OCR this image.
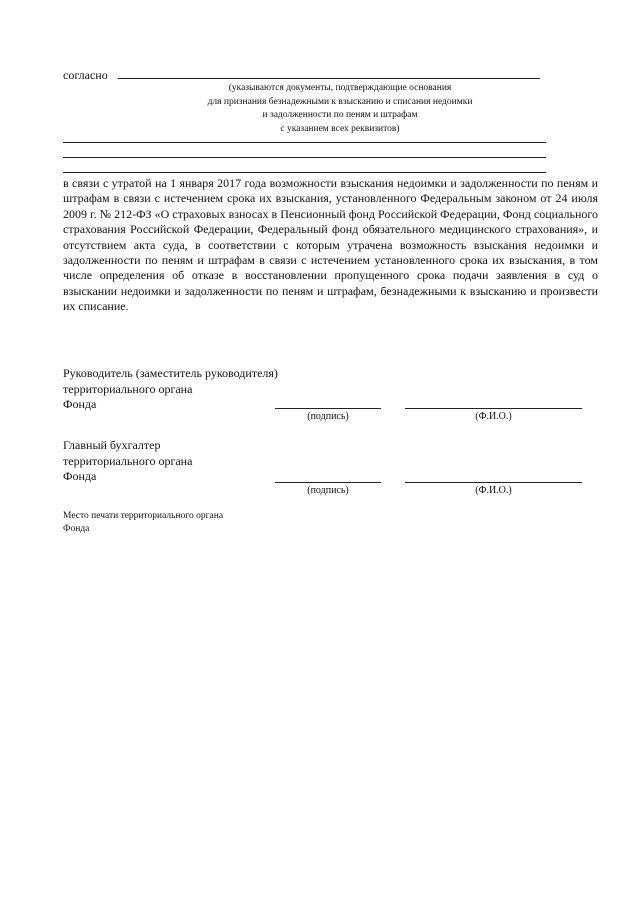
согласно
(указываются документы, подтверждающие основания
для признания безнадежными к взысканию и списания недоимки
и задолженности по пеням и штрафам
с указанием всех реквизитов)

в связи с утратой на 1 января 2017 года возможности взыскания недоимки и задолженности по пеням и штрафам в связи с истечением срока их взыскания, установленного Федеральным законом от 24 июля 2009 г. № 212-ФЗ «О страховых взносах в Пенсионный фонд Российской Федерации, Фонд социального страхования Российской Федерации, Федеральный фонд обязательного медицинского страхования», и отсутствием акта суда, в соответствии с которым утрачена возможность взыскания недоимки и задолженности по пеням и штрафам в связи с истечением установленного срока их взыскания, в том числе определения об отказе в восстановлении пропущенного срока подачи заявления в суд о взыскании недоимки и задолженности по пеням и штрафам, безнадежными к взысканию и произвести их списание.

Руководитель (заместитель руководителя)
территориального органа
Фонда
(подпись)	(Ф.И.О.)
Главный бухгалтер
территориального органа
Фонда
(подпись)	(Ф.И.О.)
Место печати территориального органа
Фонда
